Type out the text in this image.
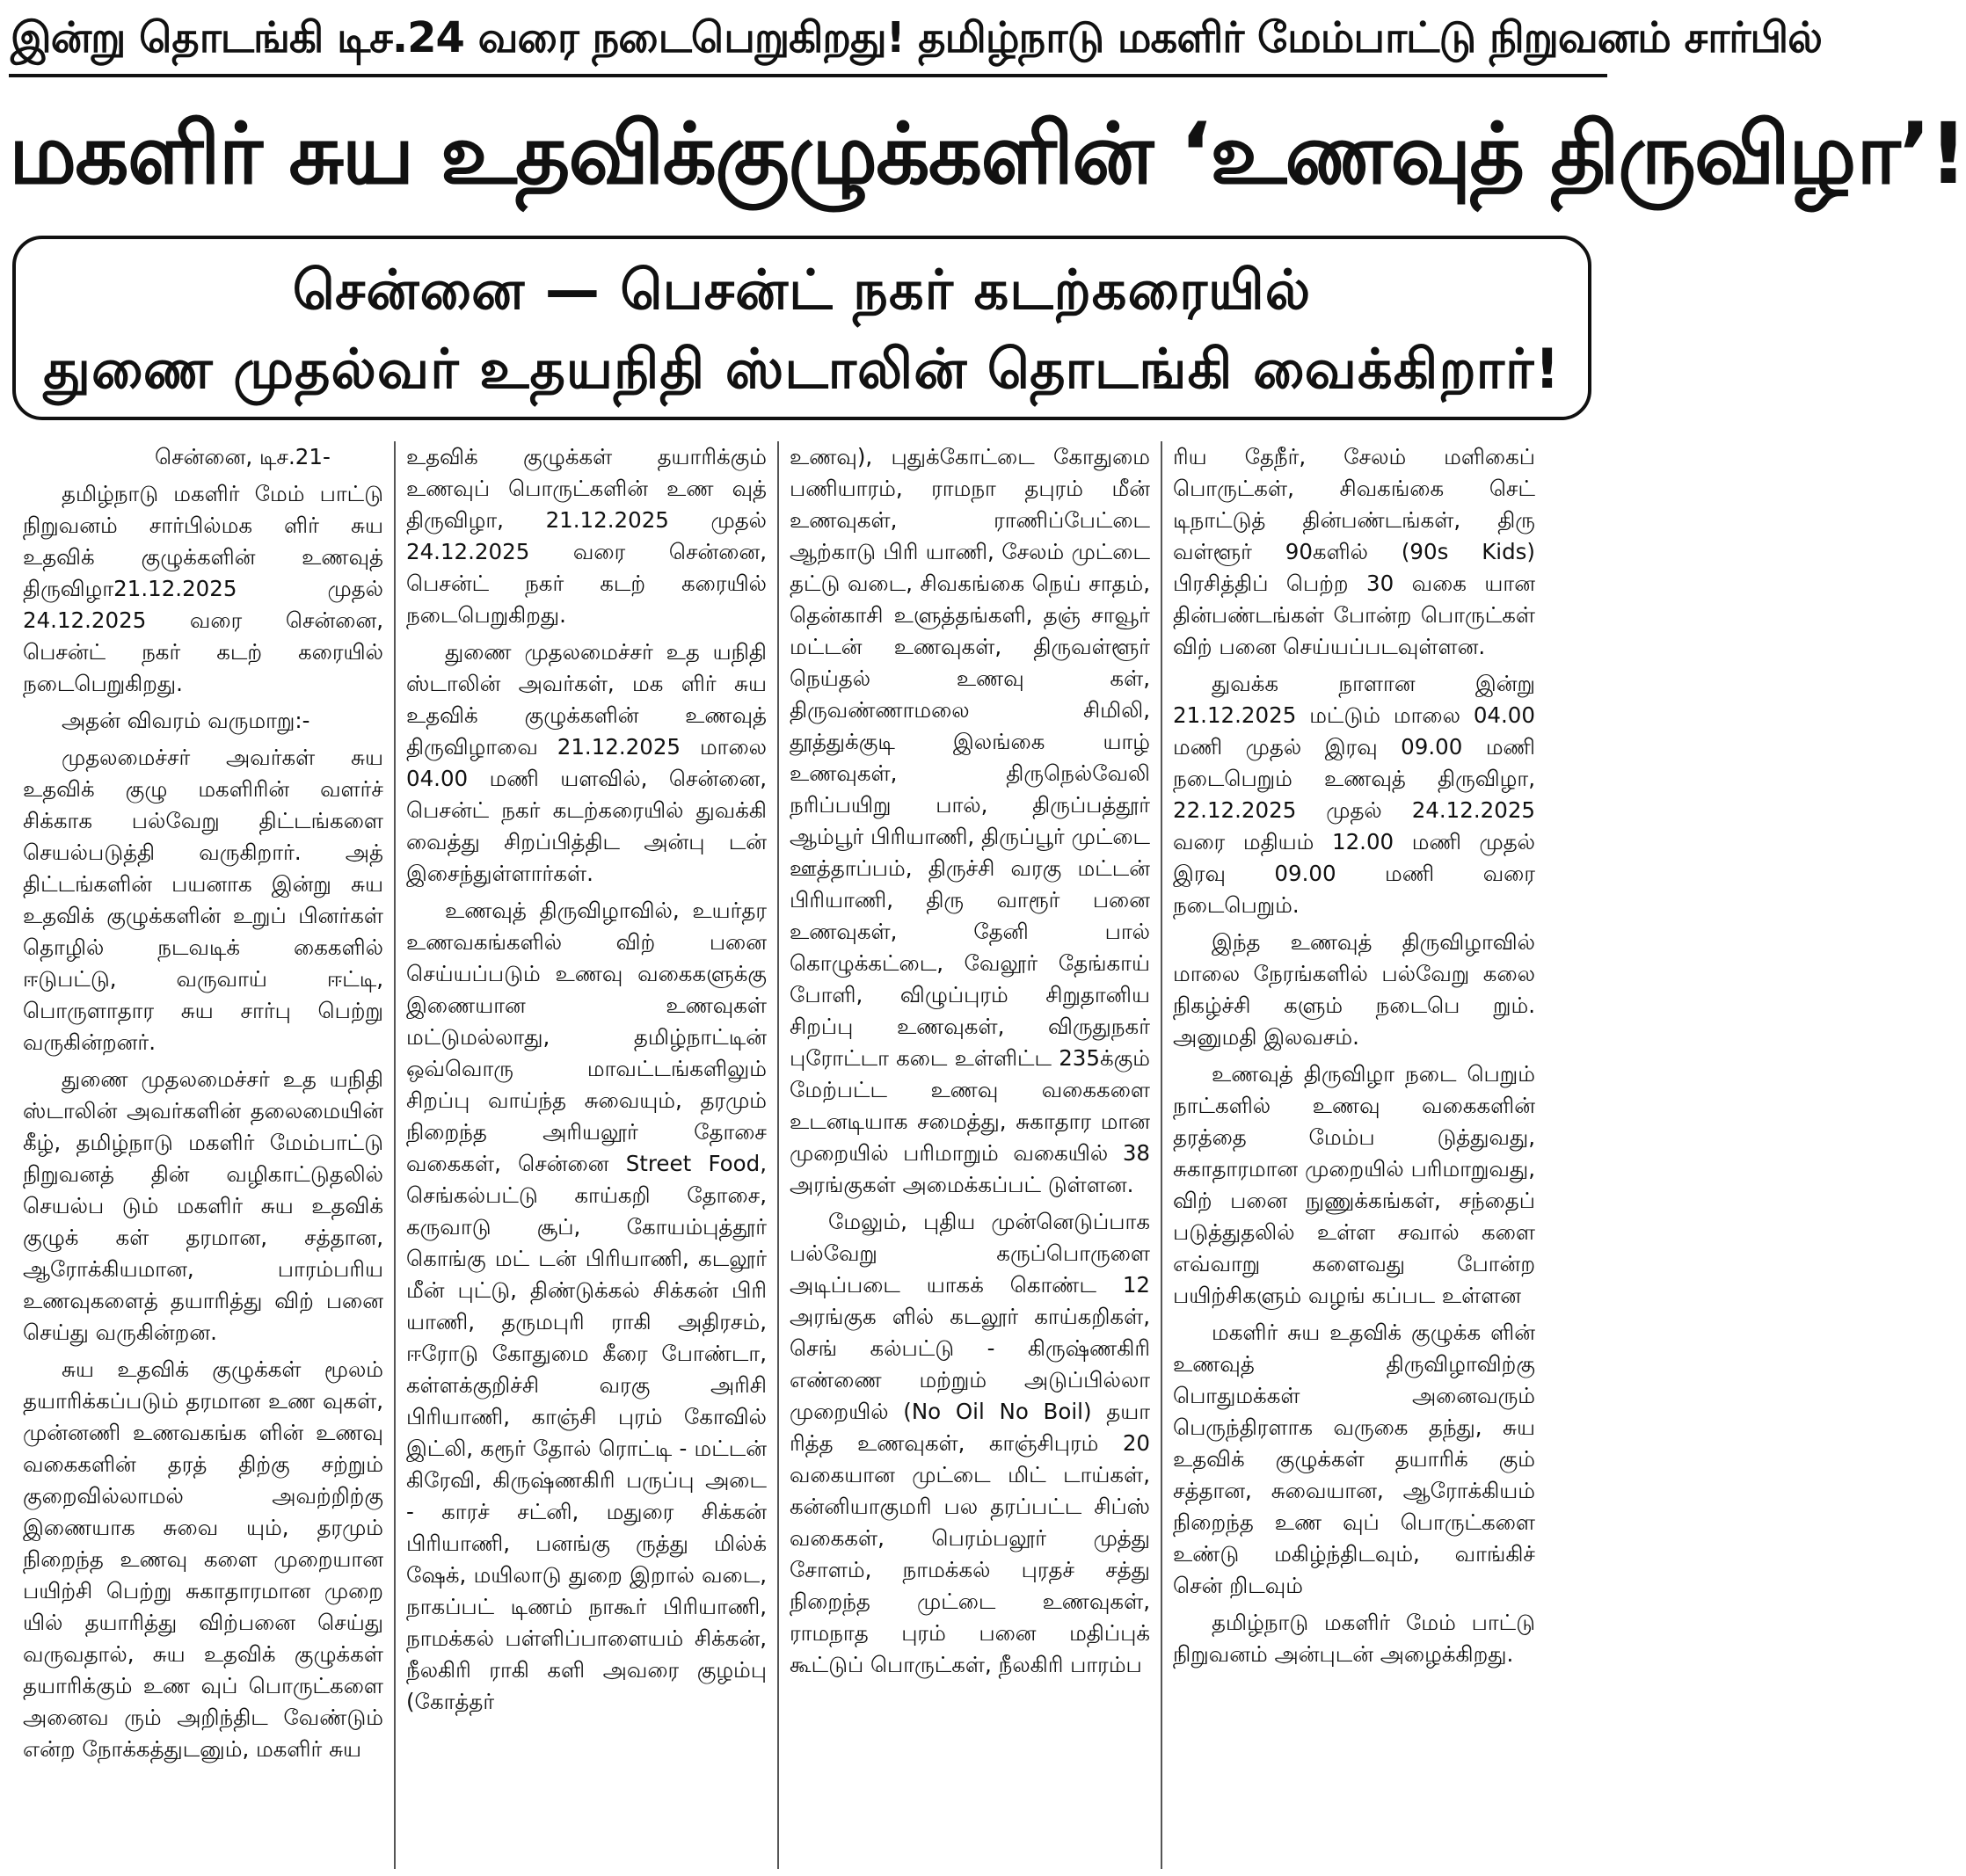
இன்று தொடங்கி டிச.24 வரை நடைபெறுகிறது! தமிழ்நாடு மகளிர் மேம்பாட்டு நிறுவனம் சார்பில்
மகளிர் சுய உதவிக்குழுக்களின் ‘உணவுத் திருவிழா’!
சென்னை — பெசன்ட் நகர் கடற்கரையில்
துணை முதல்வர் உதயநிதி ஸ்டாலின் தொடங்கி வைக்கிறார்!

சென்னை, டிச.21-

தமிழ்நாடு மகளிர் மேம் பாட்டு நிறுவனம் சார்பில்மக ளிர் சுய உதவிக் குழுக்களின் உணவுத் திருவிழா21.12.2025 முதல் 24.12.2025 வரை சென்னை, பெசன்ட் நகர் கடற் கரையில் நடைபெறுகிறது.

அதன் விவரம் வருமாறு:-

முதலமைச்சர் அவர்கள் சுய உதவிக் குழு மகளிரின் வளர்ச் சிக்காக பல்வேறு திட்டங்களை செயல்படுத்தி வருகிறார். அத் திட்டங்களின் பயனாக இன்று சுய உதவிக் குழுக்களின் உறுப் பினர்கள் தொழில் நடவடிக் கைகளில் ஈடுபட்டு, வருவாய் ஈட்டி, பொருளாதார சுய சார்பு பெற்று வருகின்றனர்.

துணை முதலமைச்சர் உத யநிதி ஸ்டாலின் அவர்களின் தலைமையின் கீழ், தமிழ்நாடு மகளிர் மேம்பாட்டு நிறுவனத் தின் வழிகாட்டுதலில் செயல்ப டும் மகளிர் சுய உதவிக் குழுக் கள் தரமான, சத்தான, ஆரோக்கியமான, பாரம்பரிய உணவுகளைத் தயாரித்து விற் பனை செய்து வருகின்றன.

சுய உதவிக் குழுக்கள் மூலம் தயாரிக்கப்படும் தரமான உண வுகள், முன்னணி உணவகங்க ளின் உணவு வகைகளின் தரத் திற்கு சற்றும் குறைவில்லாமல் அவற்றிற்கு இணையாக சுவை யும், தரமும் நிறைந்த உணவு களை முறையான பயிற்சி பெற்று சுகாதாரமான முறை யில் தயாரித்து விற்பனை செய்து வருவதால், சுய உதவிக் குழுக்கள் தயாரிக்கும் உண வுப் பொருட்களை அனைவ ரும் அறிந்திட வேண்டும் என்ற நோக்கத்துடனும், மகளிர் சுய

உதவிக் குழுக்கள் தயாரிக்கும் உணவுப் பொருட்களின் உண வுத் திருவிழா, 21.12.2025 முதல் 24.12.2025 வரை சென்னை, பெசன்ட் நகர் கடற் கரையில் நடைபெறுகிறது.

துணை முதலமைச்சர் உத யநிதி ஸ்டாலின் அவர்கள், மக ளிர் சுய உதவிக் குழுக்களின் உணவுத் திருவிழாவை 21.12.2025 மாலை 04.00 மணி யளவில், சென்னை, பெசன்ட் நகர் கடற்கரையில் துவக்கி வைத்து சிறப்பித்திட அன்பு டன் இசைந்துள்ளார்கள்.

உணவுத் திருவிழாவில், உயர்தர உணவகங்களில் விற் பனை செய்யப்படும் உணவு வகைகளுக்கு இணையான உணவுகள் மட்டுமல்லாது, தமிழ்நாட்டின் ஒவ்வொரு மாவட்டங்களிலும் சிறப்பு வாய்ந்த சுவையும், தரமும் நிறைந்த அரியலூர் தோசை வகைகள், சென்னை Street Food, செங்கல்பட்டு காய்கறி தோசை, கருவாடு சூப், கோயம்புத்தூர் கொங்கு மட் டன் பிரியாணி, கடலூர் மீன் புட்டு, திண்டுக்கல் சிக்கன் பிரி யாணி, தருமபுரி ராகி அதிரசம், ஈரோடு கோதுமை கீரை போண்டா, கள்ளக்குறிச்சி வரகு அரிசி பிரியாணி, காஞ்சி புரம் கோவில் இட்லி, கரூர் தோல் ரொட்டி - மட்டன் கிரேவி, கிருஷ்ணகிரி பருப்பு அடை - காரச் சட்னி, மதுரை சிக்கன் பிரியாணி, பனங்கு ருத்து மில்க் ஷேக், மயிலாடு துறை இறால் வடை, நாகப்பட் டிணம் நாகூர் பிரியாணி, நாமக்கல் பள்ளிப்பாளையம் சிக்கன், நீலகிரி ராகி களி அவரை குழம்பு (கோத்தர்

உணவு), புதுக்கோட்டை கோதுமை பணியாரம், ராமநா தபுரம் மீன் உணவுகள், ராணிப்பேட்டை ஆற்காடு பிரி யாணி, சேலம் முட்டை தட்டு வடை, சிவகங்கை நெய் சாதம், தென்காசி உளுத்தங்களி, தஞ் சாவூர் மட்டன் உணவுகள், திருவள்ளூர் நெய்தல் உணவு கள், திருவண்ணாமலை சிமிலி, தூத்துக்குடி இலங்கை யாழ் உணவுகள், திருநெல்வேலி நரிப்பயிறு பால், திருப்பத்தூர் ஆம்பூர் பிரியாணி, திருப்பூர் முட்டை ஊத்தாப்பம், திருச்சி வரகு மட்டன் பிரியாணி, திரு வாரூர் பனை உணவுகள், தேனி பால் கொழுக்கட்டை, வேலூர் தேங்காய் போளி, விழுப்புரம் சிறுதானிய சிறப்பு உணவுகள், விருதுநகர் புரோட்டா கடை உள்ளிட்ட 235க்கும் மேற்பட்ட உணவு வகைகளை உடனடியாக சமைத்து, சுகாதார மான முறையில் பரிமாறும் வகையில் 38 அரங்குகள் அமைக்கப்பட் டுள்ளன.

மேலும், புதிய முன்னெடுப்பாக பல்வேறு கருப்பொருளை அடிப்படை யாகக் கொண்ட 12 அரங்குக ளில் கடலூர் காய்கறிகள், செங் கல்பட்டு - கிருஷ்ணகிரி எண்ணை மற்றும் அடுப்பில்லா முறையில் (No Oil No Boil) தயா ரித்த உணவுகள், காஞ்சிபுரம் 20 வகையான முட்டை மிட் டாய்கள், கன்னியாகுமரி பல தரப்பட்ட சிப்ஸ் வகைகள், பெரம்பலூர் முத்து சோளம், நாமக்கல் புரதச் சத்து நிறைந்த முட்டை உணவுகள், ராமநாத புரம் பனை மதிப்புக் கூட்டுப் பொருட்கள், நீலகிரி பாரம்ப

ரிய தேநீர், சேலம் மளிகைப் பொருட்கள், சிவகங்கை செட் டிநாட்டுத் தின்பண்டங்கள், திரு வள்ளூர் 90களில் (90s Kids) பிரசித்திப் பெற்ற 30 வகை யான தின்பண்டங்கள் போன்ற பொருட்கள் விற் பனை செய்யப்படவுள்ளன.

துவக்க நாளான இன்று 21.12.2025 மட்டும் மாலை 04.00 மணி முதல் இரவு 09.00 மணி நடைபெறும் உணவுத் திருவிழா, 22.12.2025 முதல் 24.12.2025 வரை மதியம் 12.00 மணி முதல் இரவு 09.00 மணி வரை நடைபெறும்.

இந்த உணவுத் திருவிழாவில் மாலை நேரங்களில் பல்வேறு கலை நிகழ்ச்சி களும் நடைபெ றும். அனுமதி இலவசம்.

உணவுத் திருவிழா நடை பெறும் நாட்களில் உணவு வகைகளின் தரத்தை மேம்ப டுத்துவது, சுகாதாரமான முறையில் பரிமாறுவது, விற் பனை நுணுக்கங்கள், சந்தைப் படுத்துதலில் உள்ள சவால் களை எவ்வாறு களைவது போன்ற பயிற்சிகளும் வழங் கப்பட உள்ளன

மகளிர் சுய உதவிக் குழுக்க ளின் உணவுத் திருவிழாவிற்கு பொதுமக்கள் அனைவரும் பெருந்திரளாக வருகை தந்து, சுய உதவிக் குழுக்கள் தயாரிக் கும் சத்தான, சுவையான, ஆரோக்கியம் நிறைந்த உண வுப் பொருட்களை உண்டு மகிழ்ந்திடவும், வாங்கிச் சென் றிடவும்

தமிழ்நாடு மகளிர் மேம் பாட்டு நிறுவனம் அன்புடன் அழைக்கிறது.
